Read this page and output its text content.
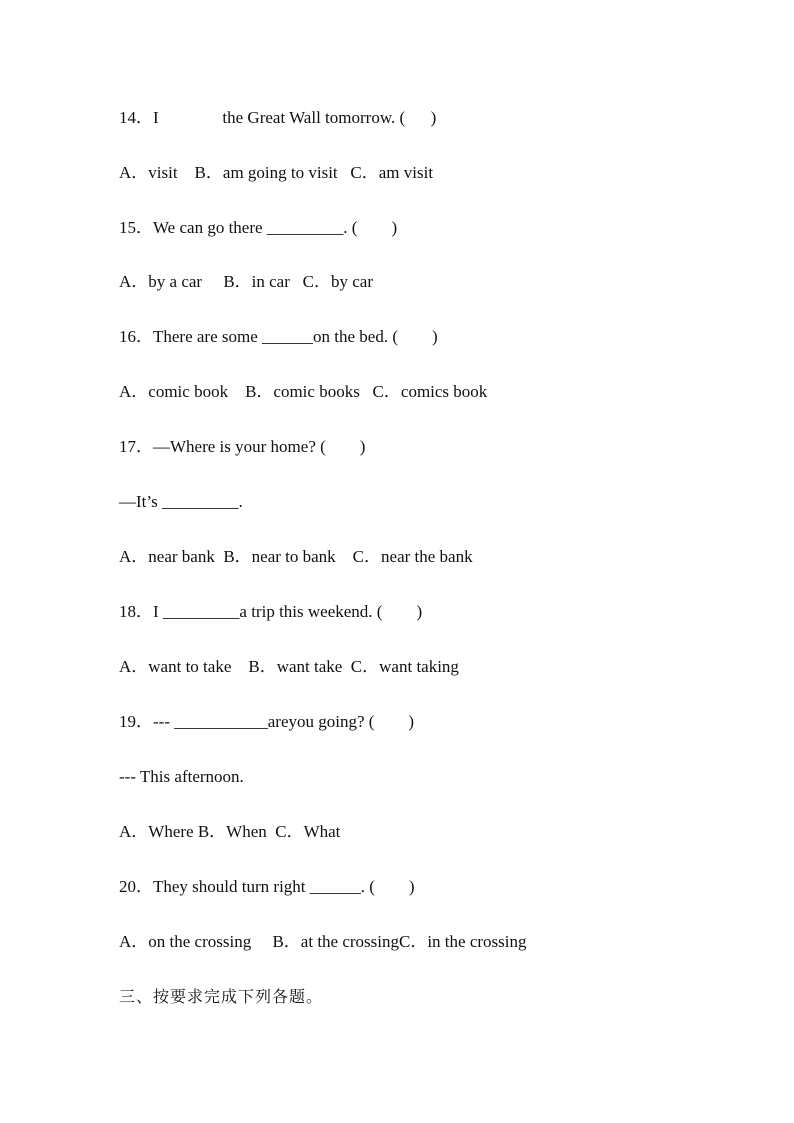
14．I               the Great Wall tomorrow. (      )
A．visit    B．am going to visit   C．am visit
15．We can go there _________. (        )
A．by a car     B．in car   C．by car
16．There are some ______on the bed. (        )
A．comic book    B．comic books   C．comics book
17．—Where is your home? (        )
—It’s _________.
A．near bank  B．near to bank    C．near the bank
18．I _________a trip this weekend. (        )
A．want to take    B．want take  C．want taking
19．--- ___________areyou going? (        )
--- This afternoon.
A．Where B．When  C．What
20．They should turn right ______. (        )
A．on the crossing     B．at the crossingC．in the crossing
三、按要求完成下列各题。
